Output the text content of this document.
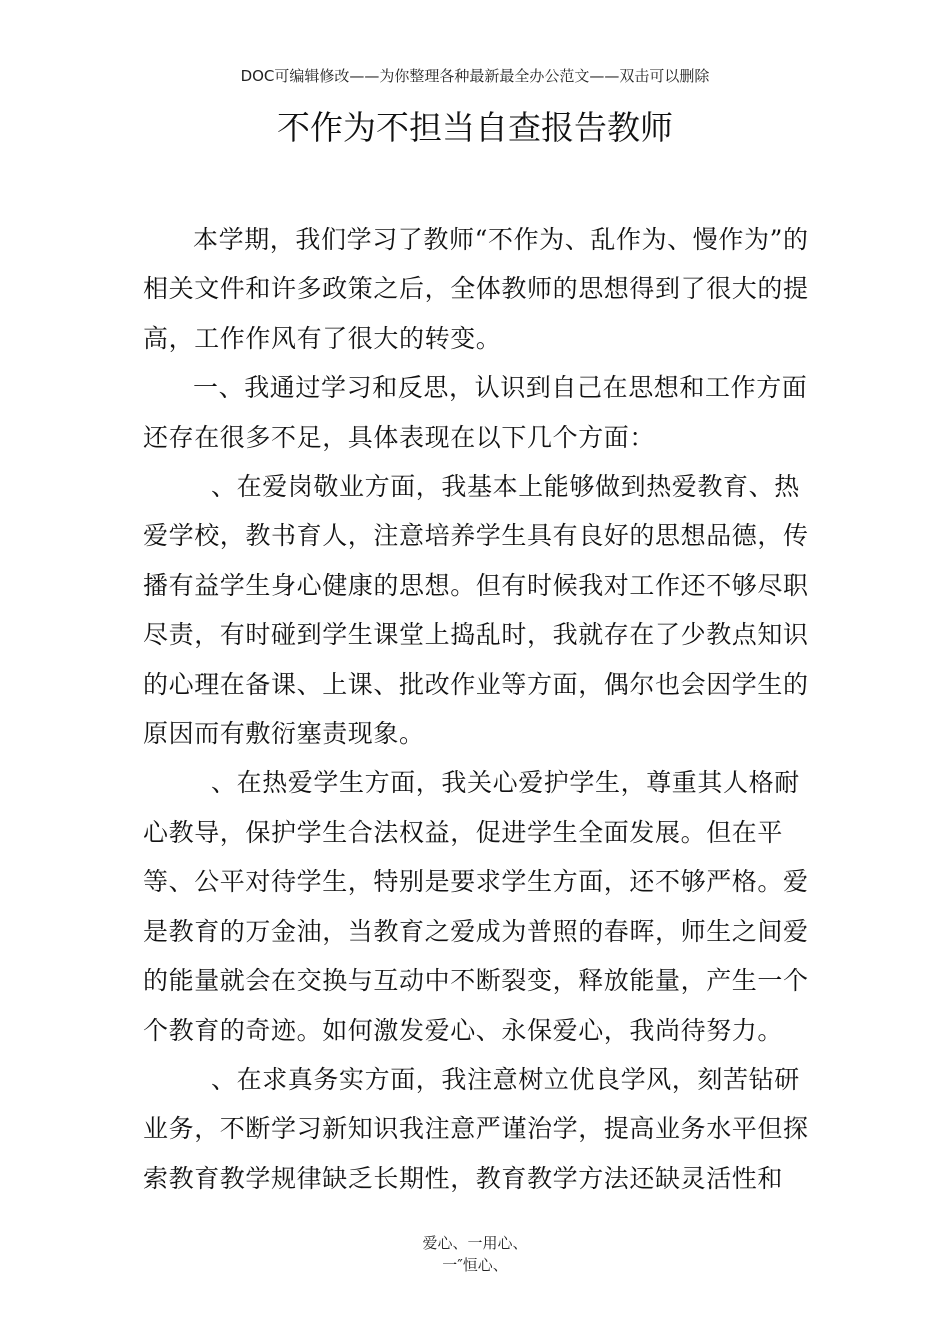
DOC可编辑修改——为你整理各种最新最全办公范文——双击可以删除
不作为不担当自查报告教师

本学期，我们学习了教师“不作为、乱作为、慢作为”的相关文件和许多政策之后，全体教师的思想得到了很大的提高，工作作风有了很大的转变。

一、我通过学习和反思，认识到自己在思想和工作方面还存在很多不足，具体表现在以下几个方面：

、在爱岗敬业方面，我基本上能够做到热爱教育、热爱学校，教书育人，注意培养学生具有良好的思想品德，传播有益学生身心健康的思想。但有时候我对工作还不够尽职尽责，有时碰到学生课堂上捣乱时，我就存在了少教点知识的心理在备课、上课、批改作业等方面，偶尔也会因学生的原因而有敷衍塞责现象。

、在热爱学生方面，我关心爱护学生，尊重其人格耐心教导，保护学生合法权益，促进学生全面发展。但在平等、公平对待学生，特别是要求学生方面，还不够严格。爱是教育的万金油，当教育之爱成为普照的春晖，师生之间爱的能量就会在交换与互动中不断裂变，释放能量，产生一个个教育的奇迹。如何激发爱心、永保爱心，我尚待努力。

、在求真务实方面，我注意树立优良学风，刻苦钻研业务，不断学习新知识我注意严谨治学，提高业务水平但探索教育教学规律缺乏长期性，教育教学方法还缺灵活性和

爱心、一用心、
一″恒心、
